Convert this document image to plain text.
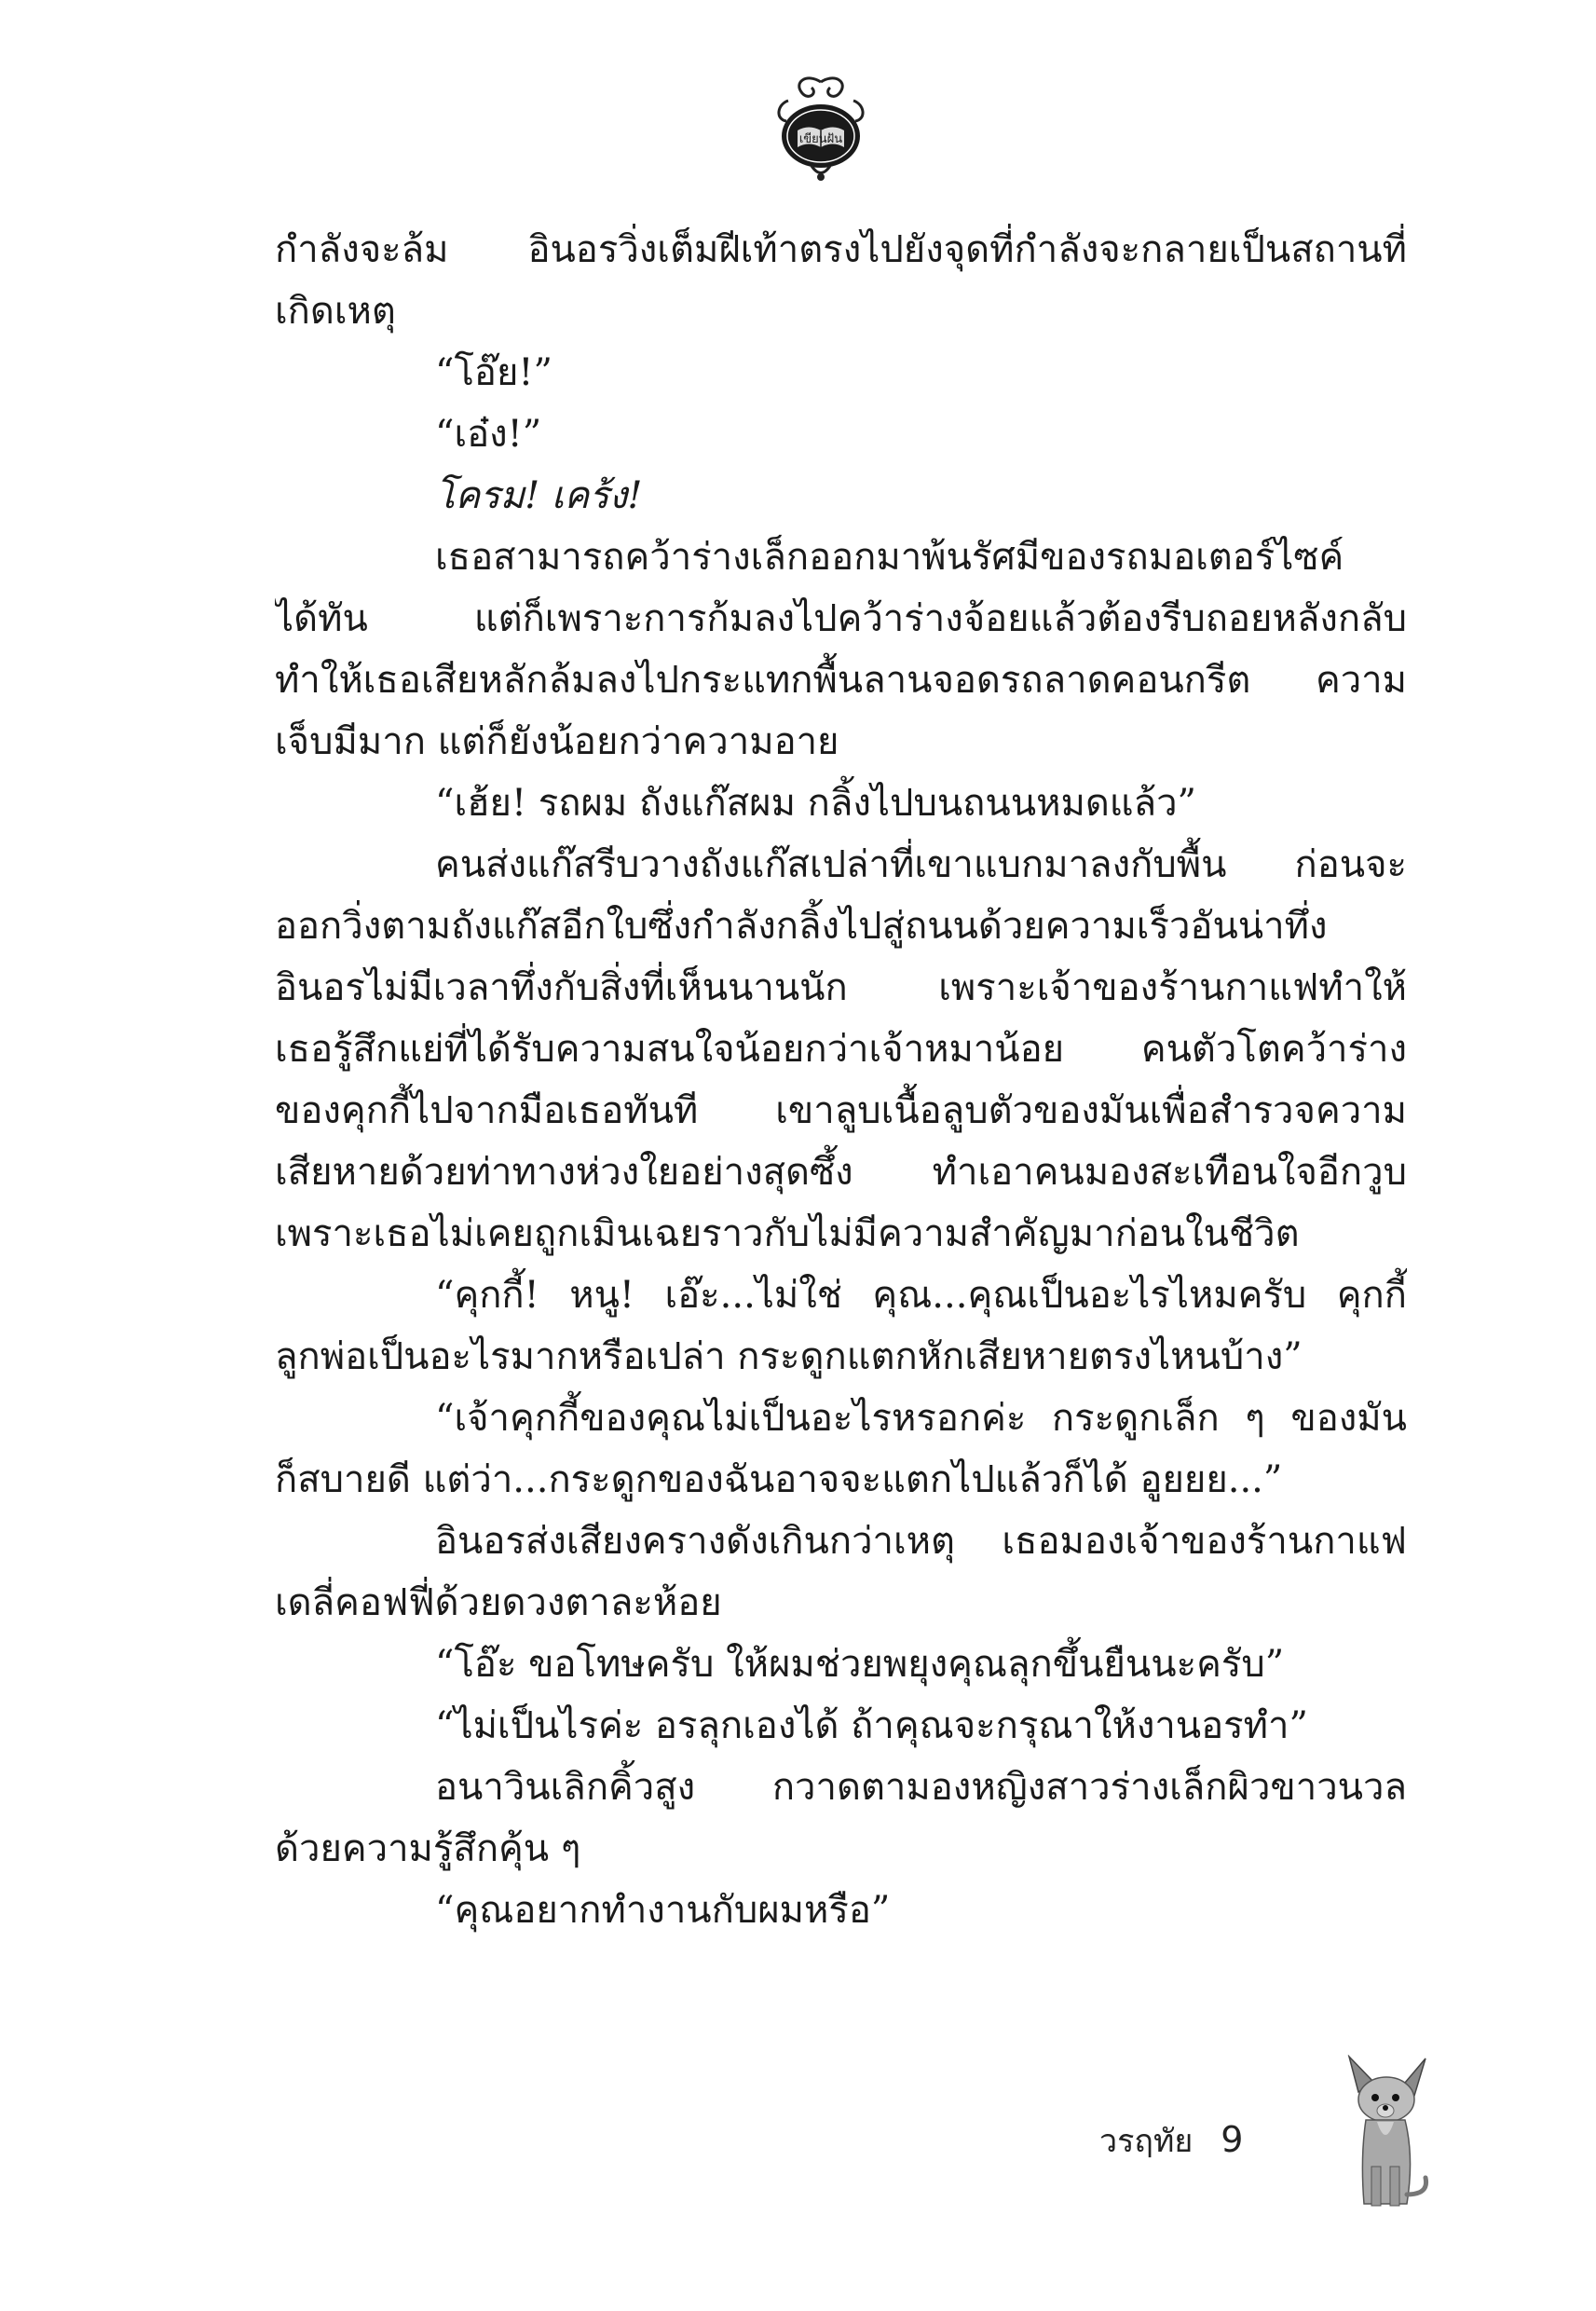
เขียนฝัน
กำลังจะล้ม อินอรวิ่งเต็มฝีเท้าตรงไปยังจุดที่กำลังจะกลายเป็นสถานที่
เกิดเหตุ
“โอ๊ย!”
“เอ๋ง!”
โครม! เคร้ง!
เธอสามารถคว้าร่างเล็กออกมาพ้นรัศมีของรถมอเตอร์ไซค์
ได้ทัน แต่ก็เพราะการก้มลงไปคว้าร่างจ้อยแล้วต้องรีบถอยหลังกลับ
ทำให้เธอเสียหลักล้มลงไปกระแทกพื้นลานจอดรถลาดคอนกรีต ความ
เจ็บมีมาก แต่ก็ยังน้อยกว่าความอาย
“เฮ้ย! รถผม ถังแก๊สผม กลิ้งไปบนถนนหมดแล้ว”
คนส่งแก๊สรีบวางถังแก๊สเปล่าที่เขาแบกมาลงกับพื้น ก่อนจะ
ออกวิ่งตามถังแก๊สอีกใบซึ่งกำลังกลิ้งไปสู่ถนนด้วยความเร็วอันน่าทึ่ง
อินอรไม่มีเวลาทึ่งกับสิ่งที่เห็นนานนัก เพราะเจ้าของร้านกาแฟทำให้
เธอรู้สึกแย่ที่ได้รับความสนใจน้อยกว่าเจ้าหมาน้อย คนตัวโตคว้าร่าง
ของคุกกี้ไปจากมือเธอทันที เขาลูบเนื้อลูบตัวของมันเพื่อสำรวจความ
เสียหายด้วยท่าทางห่วงใยอย่างสุดซึ้ง ทำเอาคนมองสะเทือนใจอีกวูบ
เพราะเธอไม่เคยถูกเมินเฉยราวกับไม่มีความสำคัญมาก่อนในชีวิต
“คุกกี้! หนู! เอ๊ะ...ไม่ใช่ คุณ...คุณเป็นอะไรไหมครับ คุกกี้
ลูกพ่อเป็นอะไรมากหรือเปล่า กระดูกแตกหักเสียหายตรงไหนบ้าง”
“เจ้าคุกกี้ของคุณไม่เป็นอะไรหรอกค่ะ กระดูกเล็ก ๆ ของมัน
ก็สบายดี แต่ว่า...กระดูกของฉันอาจจะแตกไปแล้วก็ได้ อูยยย...”
อินอรส่งเสียงครางดังเกินกว่าเหตุ เธอมองเจ้าของร้านกาแฟ
เดลี่คอฟฟี่ด้วยดวงตาละห้อย
“โอ๊ะ ขอโทษครับ ให้ผมช่วยพยุงคุณลุกขึ้นยืนนะครับ”
“ไม่เป็นไรค่ะ อรลุกเองได้ ถ้าคุณจะกรุณาให้งานอรทำ”
อนาวินเลิกคิ้วสูง กวาดตามองหญิงสาวร่างเล็กผิวขาวนวล
ด้วยความรู้สึกคุ้น ๆ
“คุณอยากทำงานกับผมหรือ”
วรฤทัย 9
